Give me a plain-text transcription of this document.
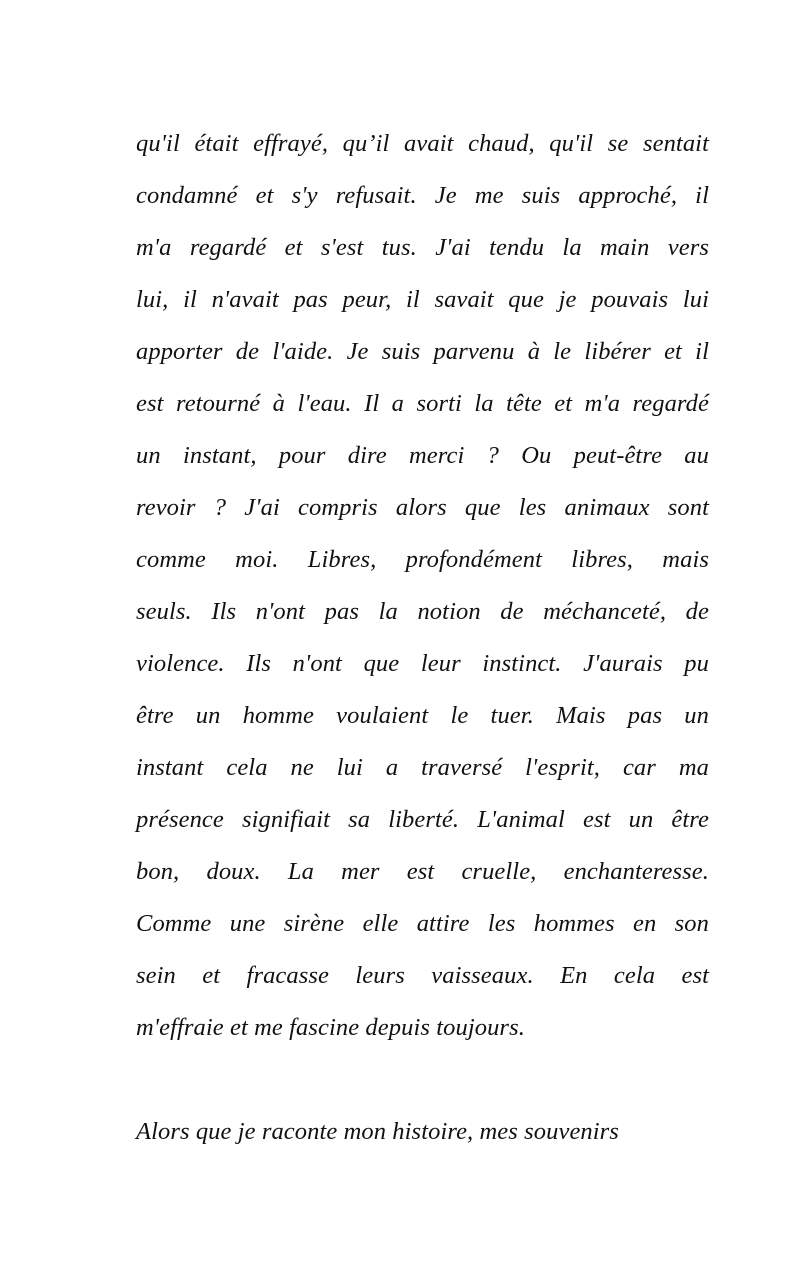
qu'il était effrayé, qu’il avait chaud, qu'il se sentait
condamné et s'y refusait. Je me suis approché, il
m'a regardé et s'est tus. J'ai tendu la main vers
lui, il n'avait pas peur, il savait que je pouvais lui
apporter de l'aide. Je suis parvenu à le libérer et il
est retourné à l'eau. Il a sorti la tête et m'a regardé
un instant, pour dire merci ? Ou peut-être au
revoir ? J'ai compris alors que les animaux sont
comme moi. Libres, profondément libres, mais
seuls. Ils n'ont pas la notion de méchanceté, de
violence. Ils n'ont que leur instinct. J'aurais pu
être un homme voulaient le tuer. Mais pas un
instant cela ne lui a traversé l'esprit, car ma
présence signifiait sa liberté. L'animal est un être
bon, doux. La mer est cruelle, enchanteresse.
Comme une sirène elle attire les hommes en son
sein et fracasse leurs vaisseaux. En cela est
m'effraie et me fascine depuis toujours.

Alors que je raconte mon histoire, mes souvenirs
